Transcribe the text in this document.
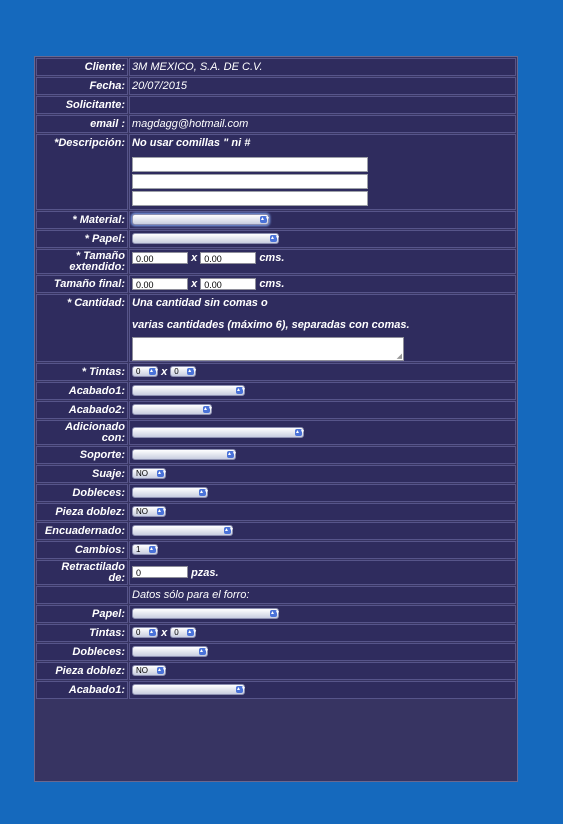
Cliente:	3M MEXICO, S.A. DE C.V.
Fecha:	20/07/2015
Solicitante:	
email :	magdagg@hotmail.com
*Descripción:	No usar comillas " ni #

* Material:	▲▼

* Papel:	▲▼

* Tamaño
extendido:	0.00 x 0.00 cms.
Tamaño final:	0.00 x 0.00 cms.
* Cantidad:	Una cantidad sin comas o
varias cantidades (máximo 6), separadas con comas.
◢

* Tintas:	0 ▲▼ x 0 ▲▼

Acabado1:	▲▼

Acabado2:	▲▼

Adicionado
con:	▲▼

Soporte:	▲▼

Suaje:	NO ▲▼

Dobleces:	▲▼

Pieza doblez:	NO ▲▼

Encuadernado:	▲▼

Cambios:	1 ▲▼

Retractilado
de:	0 pzas.
	Datos sólo para el forro:
Papel:	▲▼

Tintas:	0 ▲▼ x 0 ▲▼

Dobleces:	▲▼

Pieza doblez:	NO ▲▼

Acabado1:	▲▼
